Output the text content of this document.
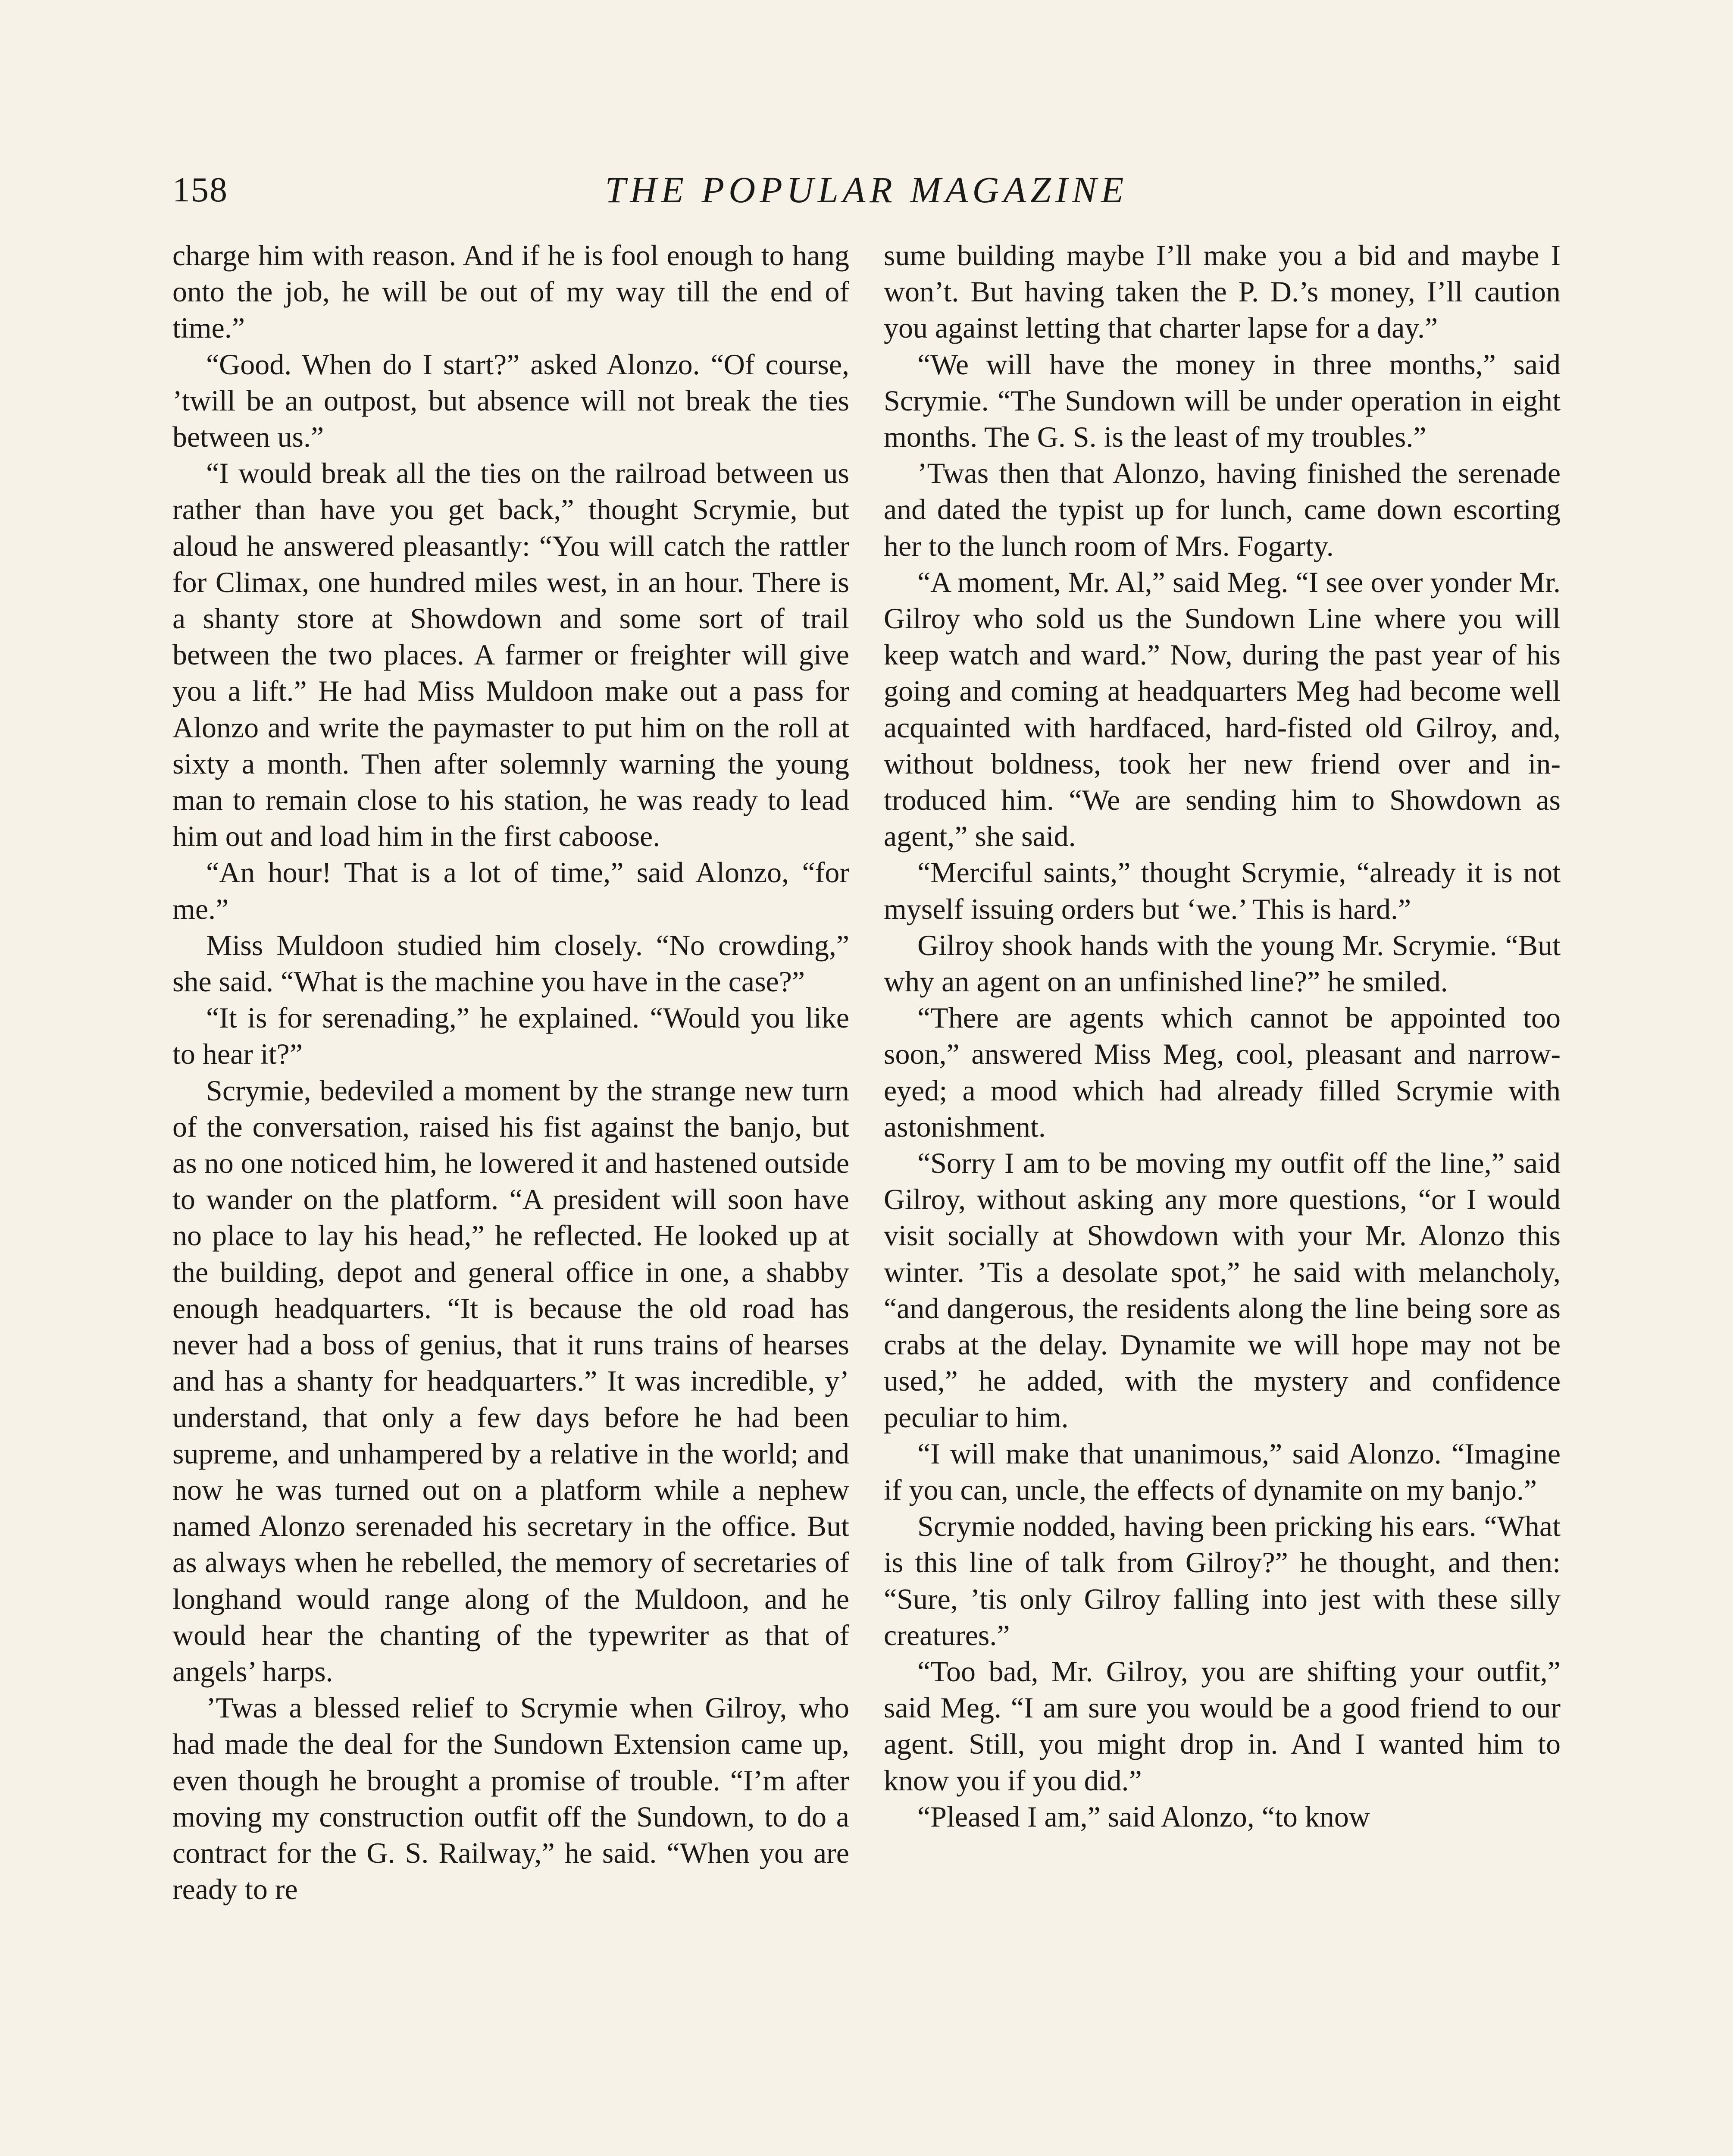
158	THE POPULAR MAGAZINE

charge him with reason. And if he is fool enough to hang onto the job, he will be out of my way till the end of time.”

“Good. When do I start?” asked Alonzo. “Of course, ’twill be an outpost, but absence will not break the ties between us.”

“I would break all the ties on the railroad between us rather than have you get back,” thought Scrymie, but aloud he answered pleasantly: “You will catch the rattler for Climax, one hundred miles west, in an hour. There is a shanty store at Showdown and some sort of trail between the two places. A farmer or freighter will give you a lift.” He had Miss Muldoon make out a pass for Alonzo and write the paymaster to put him on the roll at sixty a month. Then after solemnly warning the young man to remain close to his station, he was ready to lead him out and load him in the first caboose.

“An hour! That is a lot of time,” said Alonzo, “for me.”

Miss Muldoon studied him closely. “No crowding,” she said. “What is the machine you have in the case?”

“It is for serenading,” he explained. “Would you like to hear it?”

Scrymie, bedeviled a moment by the strange new turn of the conversation, raised his fist against the banjo, but as no one noticed him, he lowered it and hastened outside to wander on the platform. “A president will soon have no place to lay his head,” he reflected. He looked up at the building, depot and general office in one, a shabby enough headquarters. “It is because the old road has never had a boss of genius, that it runs trains of hearses and has a shanty for headquarters.” It was incredible, y’ understand, that only a few days before he had been supreme, and unhampered by a relative in the world; and now he was turned out on a platform while a nephew named Alonzo serenaded his secretary in the office. But as always when he rebelled, the memory of secretaries of longhand would range along of the Muldoon, and he would hear the chanting of the typewriter as that of angels’ harps.

’Twas a blessed relief to Scrymie when Gilroy, who had made the deal for the Sundown Extension came up, even though he brought a promise of trouble. “I’m after moving my construction outfit off the Sundown, to do a contract for the G. S. Railway,” he said. “When you are ready to re

sume building maybe I’ll make you a bid and maybe I won’t. But having taken the P. D.’s money, I’ll caution you against letting that charter lapse for a day.”

“We will have the money in three months,” said Scrymie. “The Sundown will be under operation in eight months. The G. S. is the least of my troubles.”

’Twas then that Alonzo, having finished the serenade and dated the typist up for lunch, came down escorting her to the lunch room of Mrs. Fogarty.

“A moment, Mr. Al,” said Meg. “I see over yonder Mr. Gilroy who sold us the Sundown Line where you will keep watch and ward.” Now, during the past year of his going and coming at headquarters Meg had become well acquainted with hardfaced, hard-fisted old Gilroy, and, without boldness, took her new friend over and introduced him. “We are sending him to Showdown as agent,” she said.

“Merciful saints,” thought Scrymie, “already it is not myself issuing orders but ‘we.’ This is hard.”

Gilroy shook hands with the young Mr. Scrymie. “But why an agent on an unfinished line?” he smiled.

“There are agents which cannot be appointed too soon,” answered Miss Meg, cool, pleasant and narrow-eyed; a mood which had already filled Scrymie with astonishment.

“Sorry I am to be moving my outfit off the line,” said Gilroy, without asking any more questions, “or I would visit socially at Showdown with your Mr. Alonzo this winter. ’Tis a desolate spot,” he said with melancholy, “and dangerous, the residents along the line being sore as crabs at the delay. Dynamite we will hope may not be used,” he added, with the mystery and confidence peculiar to him.

“I will make that unanimous,” said Alonzo. “Imagine if you can, uncle, the effects of dynamite on my banjo.”

Scrymie nodded, having been pricking his ears. “What is this line of talk from Gilroy?” he thought, and then: “Sure, ’tis only Gilroy falling into jest with these silly creatures.”

“Too bad, Mr. Gilroy, you are shifting your outfit,” said Meg. “I am sure you would be a good friend to our agent. Still, you might drop in. And I wanted him to know you if you did.”

“Pleased I am,” said Alonzo, “to know
